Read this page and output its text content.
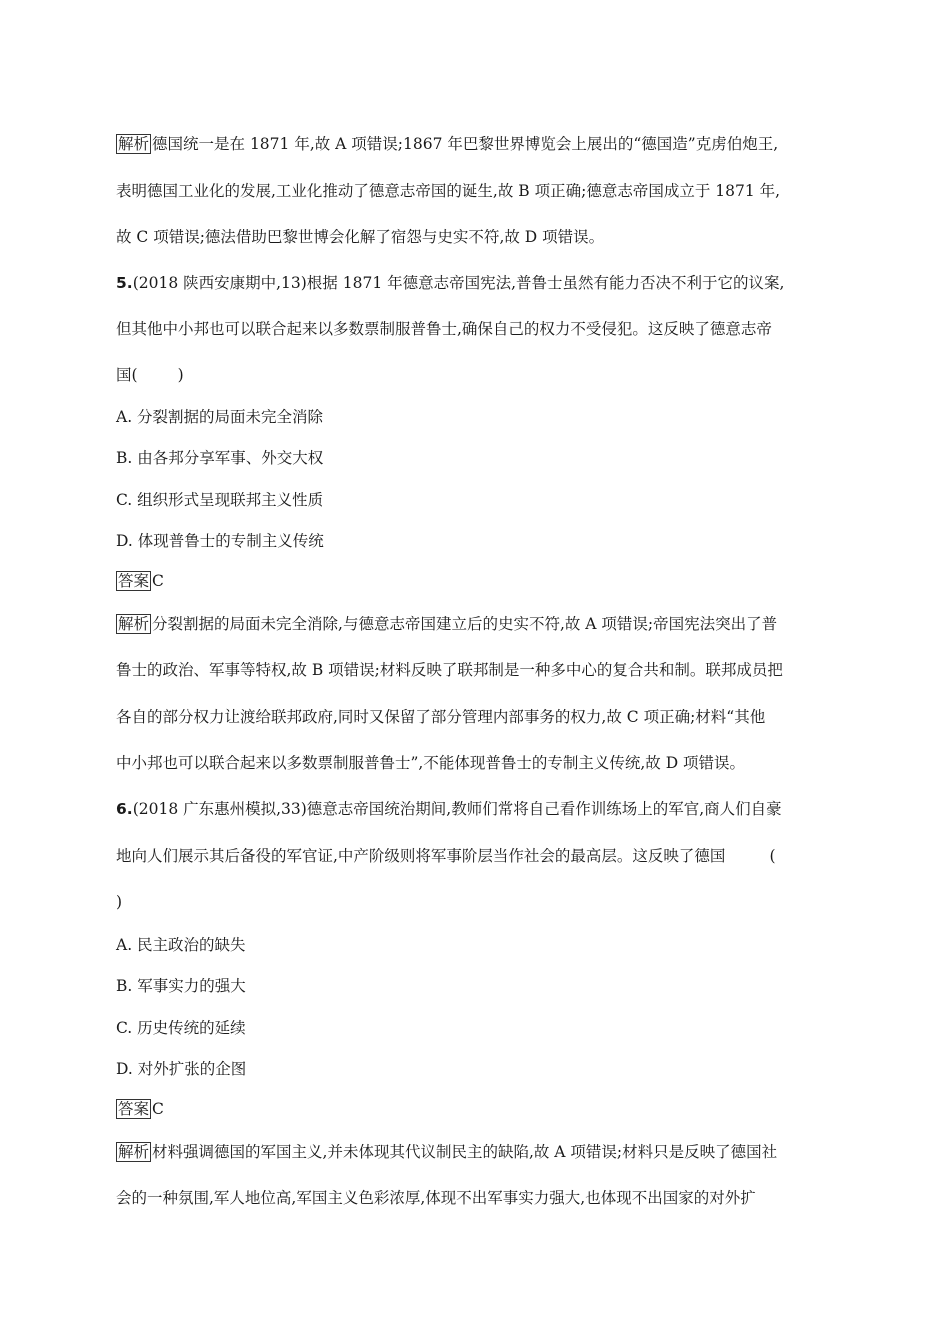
解析 德国统一是在 1871 年,故 A 项错误;1867 年巴黎世界博览会上展出的“德国造”克虏伯炮王,
表明德国工业化的发展,工业化推动了德意志帝国的诞生,故 B 项正确;德意志帝国成立于 1871 年,
故 C 项错误;德法借助巴黎世博会化解了宿怨与史实不符,故 D 项错误。
5.(2018 陕西安康期中,13)根据 1871 年德意志帝国宪法,普鲁士虽然有能力否决不利于它的议案,
但其他中小邦也可以联合起来以多数票制服普鲁士,确保自己的权力不受侵犯。这反映了德意志帝
国(	)
A. 分裂割据的局面未完全消除
B. 由各邦分享军事、外交大权
C. 组织形式呈现联邦主义性质
D. 体现普鲁士的专制主义传统
答案 C
解析 分裂割据的局面未完全消除,与德意志帝国建立后的史实不符,故 A 项错误;帝国宪法突出了普
鲁士的政治、军事等特权,故 B 项错误;材料反映了联邦制是一种多中心的复合共和制。联邦成员把
各自的部分权力让渡给联邦政府,同时又保留了部分管理内部事务的权力,故 C 项正确;材料“其他
中小邦也可以联合起来以多数票制服普鲁士”,不能体现普鲁士的专制主义传统,故 D 项错误。
6.(2018 广东惠州模拟,33)德意志帝国统治期间,教师们常将自己看作训练场上的军官,商人们自豪
地向人们展示其后备役的军官证,中产阶级则将军事阶层当作社会的最高层。这反映了德国	(
)
A. 民主政治的缺失
B. 军事实力的强大
C. 历史传统的延续
D. 对外扩张的企图
答案 C
解析 材料强调德国的军国主义,并未体现其代议制民主的缺陷,故 A 项错误;材料只是反映了德国社
会的一种氛围,军人地位高,军国主义色彩浓厚,体现不出军事实力强大,也体现不出国家的对外扩
